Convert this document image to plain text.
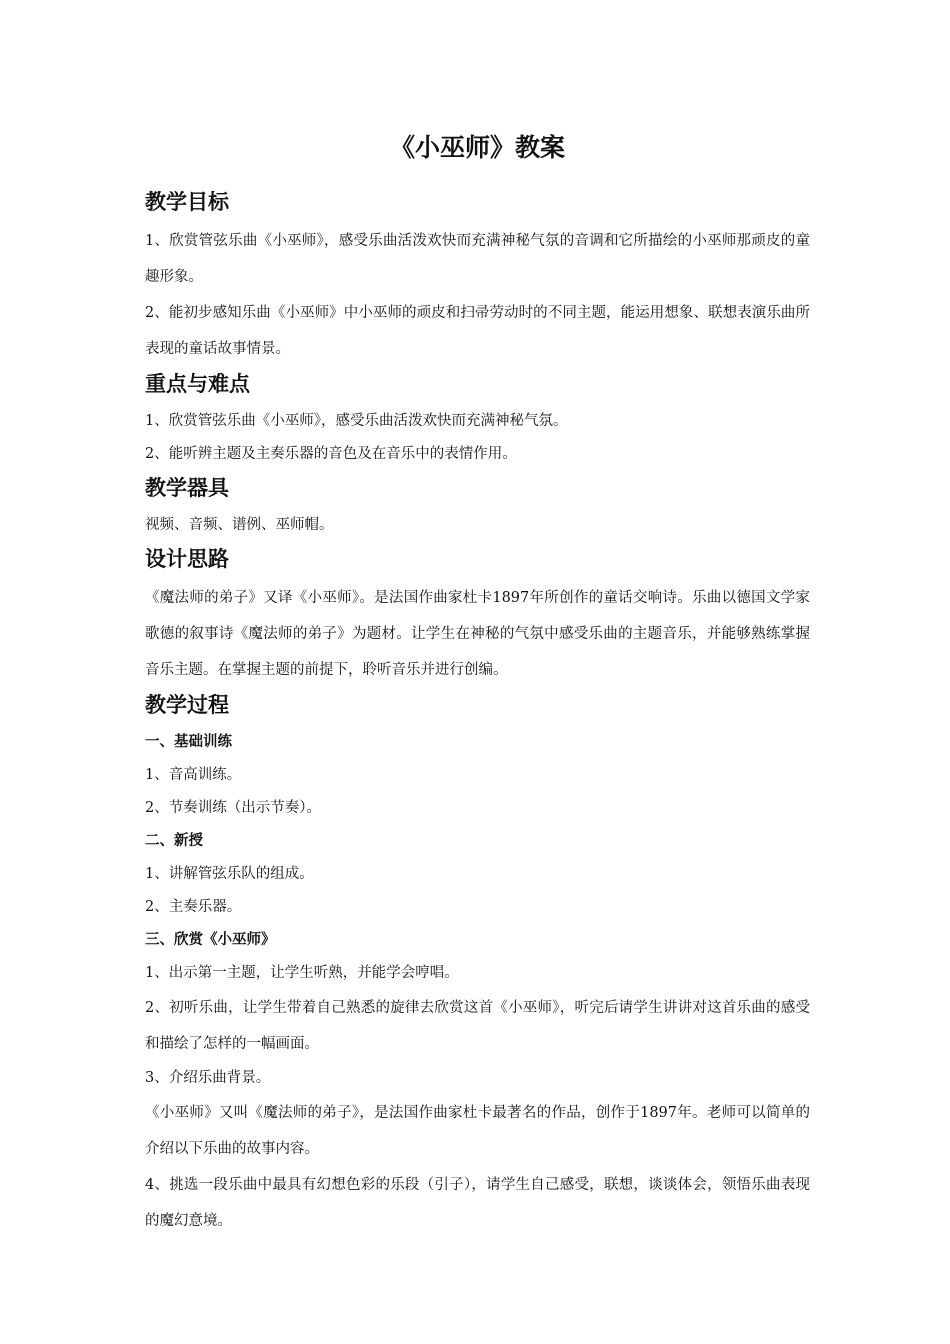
《小巫师》教案
教学目标
1、欣赏管弦乐曲《小巫师》，感受乐曲活泼欢快而充满神秘气氛的音调和它所描绘的小巫师那顽皮的童趣形象。
2、能初步感知乐曲《小巫师》中小巫师的顽皮和扫帚劳动时的不同主题，能运用想象、联想表演乐曲所表现的童话故事情景。
重点与难点
1、欣赏管弦乐曲《小巫师》，感受乐曲活泼欢快而充满神秘气氛。
2、能听辨主题及主奏乐器的音色及在音乐中的表情作用。
教学器具
视频、音频、谱例、巫师帽。
设计思路
《魔法师的弟子》又译《小巫师》。是法国作曲家杜卡1897年所创作的童话交响诗。乐曲以德国文学家歌德的叙事诗《魔法师的弟子》为题材。让学生在神秘的气氛中感受乐曲的主题音乐，并能够熟练掌握音乐主题。在掌握主题的前提下，聆听音乐并进行创编。
教学过程
一、基础训练
1、音高训练。
2、节奏训练（出示节奏）。
二、新授
1、讲解管弦乐队的组成。
2、主奏乐器。
三、欣赏《小巫师》
1、出示第一主题，让学生听熟，并能学会哼唱。
2、初听乐曲，让学生带着自己熟悉的旋律去欣赏这首《小巫师》，听完后请学生讲讲对这首乐曲的感受和描绘了怎样的一幅画面。
3、介绍乐曲背景。
《小巫师》又叫《魔法师的弟子》，是法国作曲家杜卡最著名的作品，创作于1897年。老师可以简单的介绍以下乐曲的故事内容。
4、挑选一段乐曲中最具有幻想色彩的乐段（引子），请学生自己感受，联想，谈谈体会，领悟乐曲表现的魔幻意境。
